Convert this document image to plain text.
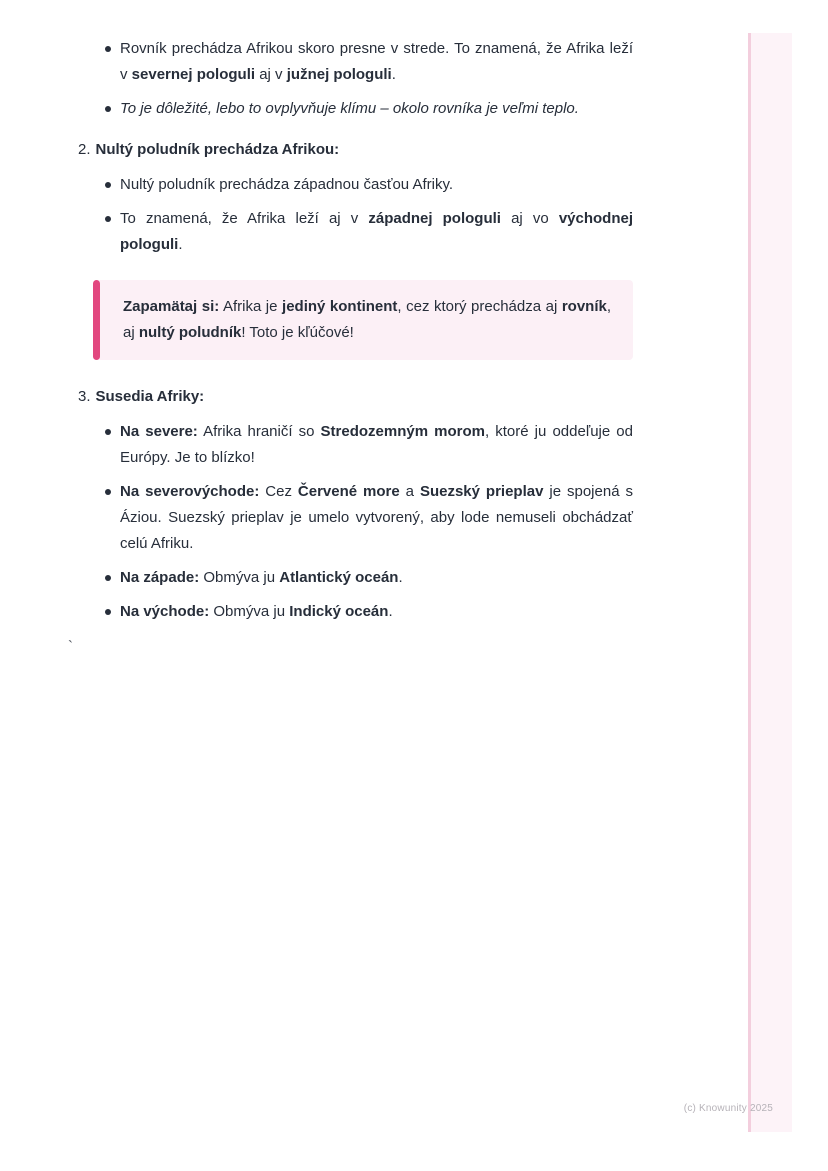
Rovník prechádza Afrikou skoro presne v strede. To znamená, že Afrika leží v severnej pologuli aj v južnej pologuli.

To je dôležité, lebo to ovplyvňuje klímu – okolo rovníka je veľmi teplo.

2. Nultý poludník prechádza Afrikou:

Nultý poludník prechádza západnou časťou Afriky.

To znamená, že Afrika leží aj v západnej pologuli aj vo východnej pologuli.

Zapamätaj si: Afrika je jediný kontinent, cez ktorý prechádza aj rovník, aj nultý poludník! Toto je kľúčové!

3. Susedia Afriky:

Na severe: Afrika hraničí so Stredozemným morom, ktoré ju oddeľuje od Európy. Je to blízko!

Na severovýchode: Cez Červené more a Suezský prieplav je spojená s Áziou. Suezský prieplav je umelo vytvorený, aby lode nemuseli obchádzať celú Afriku.

Na západe: Obmýva ju Atlantický oceán.

Na východe: Obmýva ju Indický oceán.

`
(c) Knowunity 2025
